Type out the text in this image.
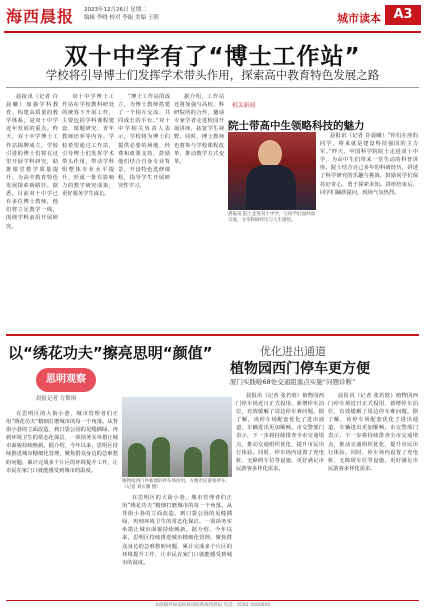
海西晨报	2023年12月26日 星期二
编辑 李晓 校对 李振 美编 王朝	城市读本 A3
双十中学有了“博士工作站”
学校将引导博士们发挥学术带头作用，探索高中教育特色发展之路

晨报讯（记者 许晨曦）加强学科教育、构建高质量的教学体系，是双十中学近年发展的重点。昨天，双十中学博士工作站揭牌成立，学校引进的博士们将在这里开展学科研究，助推课堂教学质量提升，为高中教育特色发展探索新路径。据悉，目前双十中学已有多位博士教师，他们将立足教学一线，围绕学科前沿开展研究。

双十中学博士工作站在学校教科研处的统筹下开展工作，主要包括学科课程建设、课题研究、青年教师培养等内容。学校希望通过工作站，引导博士们发挥学术带头作用，带动学科组整体专业水平提升，形成一批有影响力的教学研究成果，更好服务学生成长。

“博士工作站的成立，为博士教师搭建了一个相互交流、共同成长的平台。”双十中学相关负责人表示，学校将为博士们提供必要的场地、经费和政策支持，鼓励他们结合自身专业背景，开设特色选修课程，指导学生开展研究性学习。

据介绍，工作站还将加强与高校、科研院所的合作，邀请专家学者走进校园开展讲座，拓宽学生视野。同时，博士教师也将参与学校课程改革，推动教学方式变革。

相关新闻
院士带高中生领略科技的魅力
晨报讯 院士走进双十中学，与同学们面对面交流，分享科研经历与人生感悟。

晨报讯（记者 许晨曦）“你们在座的同学，将来就是建设科技强国的主力军。”昨天，中国科学院院士走进双十中学，为高中生们带来一堂生动的科普讲座。院士结合自己多年的科研经历，讲述了科学研究的乐趣与挑战，鼓励同学们保持好奇心，勇于探索未知。讲座结束后，同学们踊跃提问，现场气氛热烈。

以“绣花功夫”擦亮思明“颜值”
思明观察
晨报记者 方斯琪

在思明区的大街小巷，城市管理者们正用“绣花功夫”精细打磨城市的每一个角落。从背街小巷的立面改造，到口袋公园的见缝插绿，再到环境卫生的常态化保洁，一项项务实举措让城市面貌持续焕新。据介绍，今年以来，思明区持续推进城市精细化管理，聚焦群众身边的急难愁盼问题，累计完成多个片区的环境提升工作，让市民在家门口就能感受到城市的温度。

植物园西门外新建的停车场投用，方便市民游客停车。（记者 刘长耀 摄）

在思明区的大街小巷，城市管理者们正用“绣花功夫”精细打磨城市的每一个角落。从背街小巷的立面改造，到口袋公园的见缝插绿，再到环境卫生的常态化保洁，一项项务实举措让城市面貌持续焕新。据介绍，今年以来，思明区持续推进城市精细化管理，聚焦群众身边的急难愁盼问题，累计完成多个片区的环境提升工作，让市民在家门口就能感受到城市的温度。

优化进出通道
植物园西门停车更方便
厦门实践啦68处交通阻塞点实施“问题诊断”

晨报讯（记者 张若晗）植物园西门停车场近日正式投用，新增停车泊位，有效缓解了周边停车难问题。据了解，该停车场配套优化了进出通道，车辆进出更加顺畅。市交警部门表示，下一步将持续排查全市交通堵点，推动交通组织优化，提升市民出行体验。同时，停车场内设置了充电桩、无障碍车位等设施，更好满足市民游客多样化需求。

晨报讯（记者 张若晗）植物园西门停车场近日正式投用，新增停车泊位，有效缓解了周边停车难问题。据了解，该停车场配套优化了进出通道，车辆进出更加顺畅。市交警部门表示，下一步将持续排查全市交通堵点，推动交通组织优化，提升市民出行体验。同时，停车场内设置了充电桩、无障碍车位等设施，更好满足市民游客多样化需求。

本版稿件如需转载请联系海西晨报 电话：0592-5000000
